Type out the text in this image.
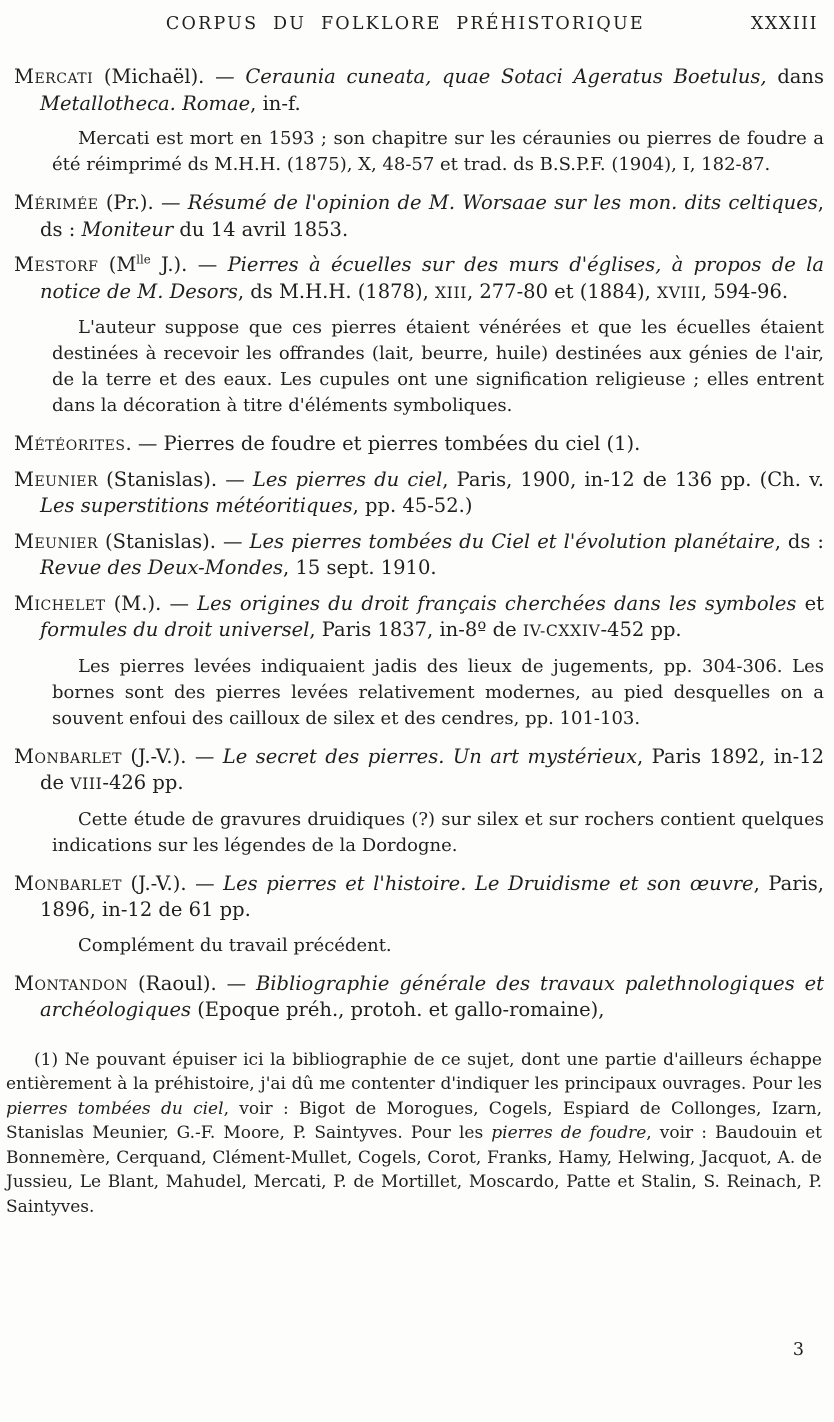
CORPUS DU FOLKLORE PRÉHISTORIQUE	XXXIII

Mercati (Michaël). — Ceraunia cuneata, quae Sotaci Ageratus Boetulus, dans Metallotheca. Romae, in-f.

Mercati est mort en 1593 ; son chapitre sur les céraunies ou pierres de foudre a été réimprimé ds M.H.H. (1875), X, 48-57 et trad. ds B.S.P.F. (1904), I, 182-87.

Mérimée (Pr.). — Résumé de l'opinion de M. Worsaae sur les mon. dits celtiques, ds : Moniteur du 14 avril 1853.

Mestorf ($M^{lle}$ J.). — Pierres à écuelles sur des murs d'églises, à propos de la notice de M. Desors, ds M.H.H. (1878), XIII, 277-80 et (1884), XVIII, 594-96.

L'auteur suppose que ces pierres étaient vénérées et que les écuelles étaient destinées à recevoir les offrandes (lait, beurre, huile) destinées aux génies de l'air, de la terre et des eaux. Les cupules ont une signification religieuse ; elles entrent dans la décoration à titre d'éléments symboliques.

Météorites. — Pierres de foudre et pierres tombées du ciel (1).

Meunier (Stanislas). — Les pierres du ciel, Paris, 1900, in-12 de 136 pp. (Ch. v. Les superstitions météoritiques, pp. 45-52.)

Meunier (Stanislas). — Les pierres tombées du Ciel et l'évolution planétaire, ds : Revue des Deux-Mondes, 15 sept. 1910.

Michelet (M.). — Les origines du droit français cherchées dans les symboles et formules du droit universel, Paris 1837, in-8º de IV-CXXIV-452 pp.

Les pierres levées indiquaient jadis des lieux de jugements, pp. 304-306. Les bornes sont des pierres levées relativement modernes, au pied desquelles on a souvent enfoui des cailloux de silex et des cendres, pp. 101-103.

Monbarlet (J.-V.). — Le secret des pierres. Un art mystérieux, Paris 1892, in-12 de VIII-426 pp.

Cette étude de gravures druidiques (?) sur silex et sur rochers contient quelques indications sur les légendes de la Dordogne.

Monbarlet (J.-V.). — Les pierres et l'histoire. Le Druidisme et son œuvre, Paris, 1896, in-12 de 61 pp.

Complément du travail précédent.

Montandon (Raoul). — Bibliographie générale des travaux palethnologiques et archéologiques (Epoque préh., protoh. et gallo-romaine),

(1) Ne pouvant épuiser ici la bibliographie de ce sujet, dont une partie d'ailleurs échappe entièrement à la préhistoire, j'ai dû me contenter d'indiquer les principaux ouvrages. Pour les pierres tombées du ciel, voir : Bigot de Morogues, Cogels, Espiard de Collonges, Izarn, Stanislas Meunier, G.-F. Moore, P. Saintyves. Pour les pierres de foudre, voir : Baudouin et Bonnemère, Cerquand, Clément-Mullet, Cogels, Corot, Franks, Hamy, Helwing, Jacquot, A. de Jussieu, Le Blant, Mahudel, Mercati, P. de Mortillet, Moscardo, Patte et Stalin, S. Reinach, P. Saintyves.

3
